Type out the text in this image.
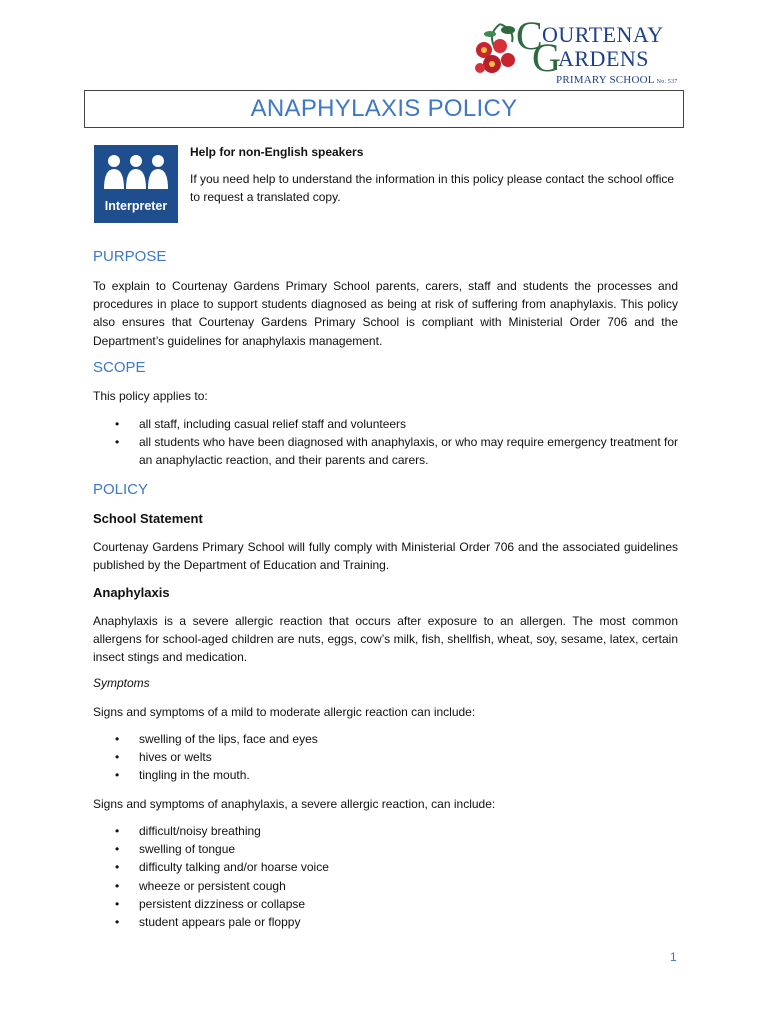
C OURTENAY
G
ARDENS
PRIMARY SCHOOL No. 537
ANAPHYLAXIS POLICY
Interpreter
Help for non-English speakers
If you need help to understand the information in this policy please contact the school office to request a translated copy.
PURPOSE
To explain to Courtenay Gardens Primary School parents, carers, staff and students the processes and procedures in place to support students diagnosed as being at risk of suffering from anaphylaxis. This policy also ensures that Courtenay Gardens Primary School is compliant with Ministerial Order 706 and the Department’s guidelines for anaphylaxis management.
SCOPE
This policy applies to:
• all staff, including casual relief staff and volunteers
• all students who have been diagnosed with anaphylaxis, or who may require emergency treatment for an anaphylactic reaction, and their parents and carers.
POLICY
School Statement
Courtenay Gardens Primary School will fully comply with Ministerial Order 706 and the associated guidelines published by the Department of Education and Training.
Anaphylaxis
Anaphylaxis is a severe allergic reaction that occurs after exposure to an allergen. The most common allergens for school-aged children are nuts, eggs, cow’s milk, fish, shellfish, wheat, soy, sesame, latex, certain insect stings and medication.
Symptoms
Signs and symptoms of a mild to moderate allergic reaction can include:
• swelling of the lips, face and eyes
• hives or welts
• tingling in the mouth.
Signs and symptoms of anaphylaxis, a severe allergic reaction, can include:
• difficult/noisy breathing
• swelling of tongue
• difficulty talking and/or hoarse voice
• wheeze or persistent cough
• persistent dizziness or collapse
• student appears pale or floppy
1
